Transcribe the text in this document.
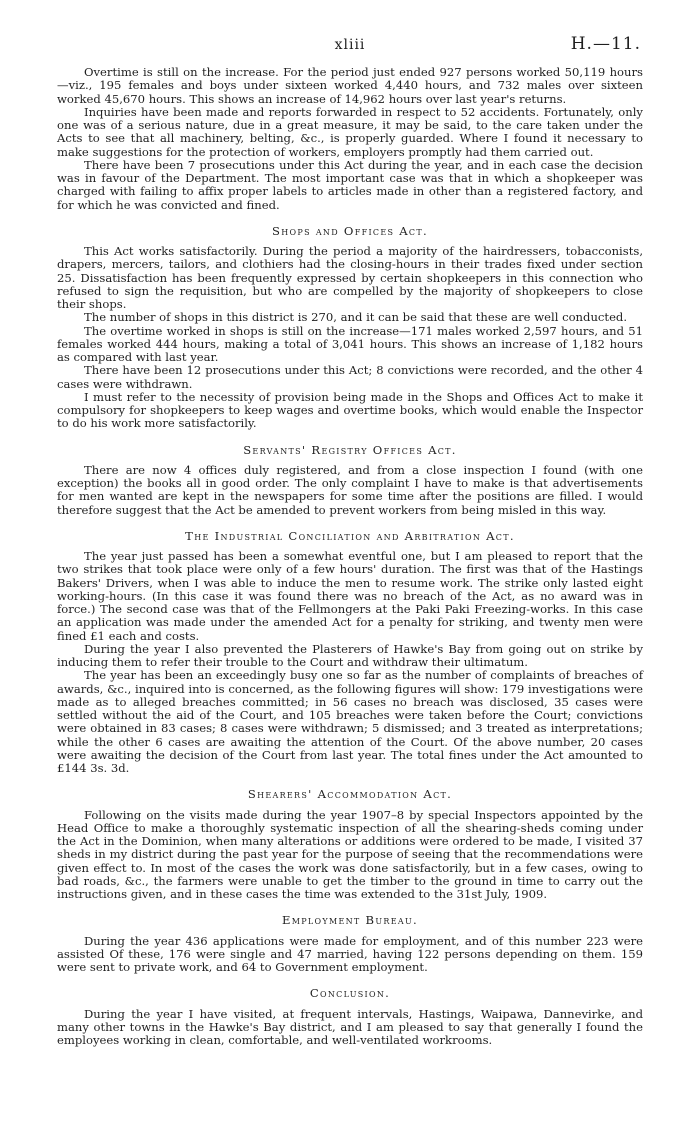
xliii	H.—11.

Overtime is still on the increase. For the period just ended 927 persons worked 50,119 hours—viz., 195 females and boys under sixteen worked 4,440 hours, and 732 males over sixteen worked 45,670 hours. This shows an increase of 14,962 hours over last year's returns.

Inquiries have been made and reports forwarded in respect to 52 accidents. Fortunately, only one was of a serious nature, due in a great measure, it may be said, to the care taken under the Acts to see that all machinery, belting, &c., is properly guarded. Where I found it necessary to make suggestions for the protection of workers, employers promptly had them carried out.

There have been 7 prosecutions under this Act during the year, and in each case the decision was in favour of the Department. The most important case was that in which a shopkeeper was charged with failing to affix proper labels to articles made in other than a registered factory, and for which he was convicted and fined.

Shops and Offices Act.

This Act works satisfactorily. During the period a majority of the hairdressers, tobacconists, drapers, mercers, tailors, and clothiers had the closing-hours in their trades fixed under section 25. Dissatisfaction has been frequently expressed by certain shopkeepers in this connection who refused to sign the requisition, but who are compelled by the majority of shopkeepers to close their shops.

The number of shops in this district is 270, and it can be said that these are well conducted.

The overtime worked in shops is still on the increase—171 males worked 2,597 hours, and 51 females worked 444 hours, making a total of 3,041 hours. This shows an increase of 1,182 hours as compared with last year.

There have been 12 prosecutions under this Act; 8 convictions were recorded, and the other 4 cases were withdrawn.

I must refer to the necessity of provision being made in the Shops and Offices Act to make it compulsory for shopkeepers to keep wages and overtime books, which would enable the Inspector to do his work more satisfactorily.

Servants' Registry Offices Act.

There are now 4 offices duly registered, and from a close inspection I found (with one exception) the books all in good order. The only complaint I have to make is that advertisements for men wanted are kept in the newspapers for some time after the positions are filled. I would therefore suggest that the Act be amended to prevent workers from being misled in this way.

The Industrial Conciliation and Arbitration Act.

The year just passed has been a somewhat eventful one, but I am pleased to report that the two strikes that took place were only of a few hours' duration. The first was that of the Hastings Bakers' Drivers, when I was able to induce the men to resume work. The strike only lasted eight working-hours. (In this case it was found there was no breach of the Act, as no award was in force.) The second case was that of the Fellmongers at the Paki Paki Freezing-works. In this case an application was made under the amended Act for a penalty for striking, and twenty men were fined £1 each and costs.

During the year I also prevented the Plasterers of Hawke's Bay from going out on strike by inducing them to refer their trouble to the Court and withdraw their ultimatum.

The year has been an exceedingly busy one so far as the number of complaints of breaches of awards, &c., inquired into is concerned, as the following figures will show: 179 investigations were made as to alleged breaches committed; in 56 cases no breach was disclosed, 35 cases were settled without the aid of the Court, and 105 breaches were taken before the Court; convictions were obtained in 83 cases; 8 cases were withdrawn; 5 dismissed; and 3 treated as interpretations; while the other 6 cases are awaiting the attention of the Court. Of the above number, 20 cases were awaiting the decision of the Court from last year. The total fines under the Act amounted to £144 3s. 3d.

Shearers' Accommodation Act.

Following on the visits made during the year 1907–8 by special Inspectors appointed by the Head Office to make a thoroughly systematic inspection of all the shearing-sheds coming under the Act in the Dominion, when many alterations or additions were ordered to be made, I visited 37 sheds in my district during the past year for the purpose of seeing that the recommendations were given effect to. In most of the cases the work was done satisfactorily, but in a few cases, owing to bad roads, &c., the farmers were unable to get the timber to the ground in time to carry out the instructions given, and in these cases the time was extended to the 31st July, 1909.

Employment Bureau.

During the year 436 applications were made for employment, and of this number 223 were assisted Of these, 176 were single and 47 married, having 122 persons depending on them. 159 were sent to private work, and 64 to Government employment.

Conclusion.

During the year I have visited, at frequent intervals, Hastings, Waipawa, Dannevirke, and many other towns in the Hawke's Bay district, and I am pleased to say that generally I found the employees working in clean, comfortable, and well-ventilated workrooms.
